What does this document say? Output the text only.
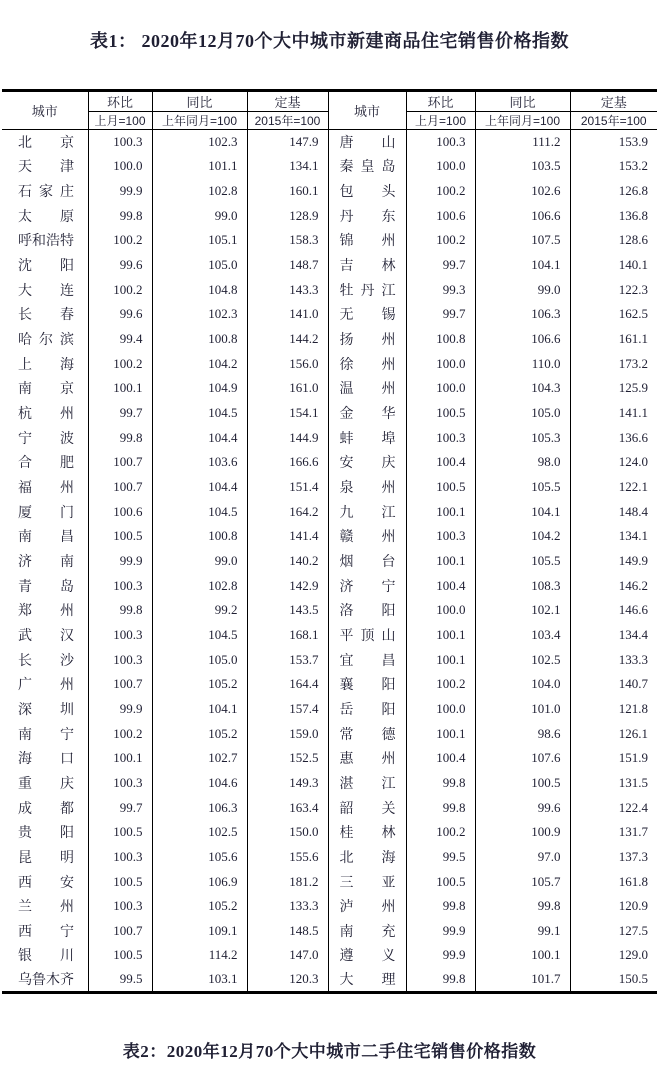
表1： 2020年12月70个大中城市新建商品住宅销售价格指数
城市	环比	同比	定基	城市	环比	同比	定基
	上月=100	上年同月=100	2015年=100		上月=100	上年同月=100	2015年=100
北京	100.3	102.3	147.9	唐山	100.3	111.2	153.9
天津	100.0	101.1	134.1	秦皇岛	100.0	103.5	153.2
石家庄	99.9	102.8	160.1	包头	100.2	102.6	126.8
太原	99.8	99.0	128.9	丹东	100.6	106.6	136.8
呼和浩特	100.2	105.1	158.3	锦州	100.2	107.5	128.6
沈阳	99.6	105.0	148.7	吉林	99.7	104.1	140.1
大连	100.2	104.8	143.3	牡丹江	99.3	99.0	122.3
长春	99.6	102.3	141.0	无锡	99.7	106.3	162.5
哈尔滨	99.4	100.8	144.2	扬州	100.8	106.6	161.1
上海	100.2	104.2	156.0	徐州	100.0	110.0	173.2
南京	100.1	104.9	161.0	温州	100.0	104.3	125.9
杭州	99.7	104.5	154.1	金华	100.5	105.0	141.1
宁波	99.8	104.4	144.9	蚌埠	100.3	105.3	136.6
合肥	100.7	103.6	166.6	安庆	100.4	98.0	124.0
福州	100.7	104.4	151.4	泉州	100.5	105.5	122.1
厦门	100.6	104.5	164.2	九江	100.1	104.1	148.4
南昌	100.5	100.8	141.4	赣州	100.3	104.2	134.1
济南	99.9	99.0	140.2	烟台	100.1	105.5	149.9
青岛	100.3	102.8	142.9	济宁	100.4	108.3	146.2
郑州	99.8	99.2	143.5	洛阳	100.0	102.1	146.6
武汉	100.3	104.5	168.1	平顶山	100.1	103.4	134.4
长沙	100.3	105.0	153.7	宜昌	100.1	102.5	133.3
广州	100.7	105.2	164.4	襄阳	100.2	104.0	140.7
深圳	99.9	104.1	157.4	岳阳	100.0	101.0	121.8
南宁	100.2	105.2	159.0	常德	100.1	98.6	126.1
海口	100.1	102.7	152.5	惠州	100.4	107.6	151.9
重庆	100.3	104.6	149.3	湛江	99.8	100.5	131.5
成都	99.7	106.3	163.4	韶关	99.8	99.6	122.4
贵阳	100.5	102.5	150.0	桂林	100.2	100.9	131.7
昆明	100.3	105.6	155.6	北海	99.5	97.0	137.3
西安	100.5	106.9	181.2	三亚	100.5	105.7	161.8
兰州	100.3	105.2	133.3	泸州	99.8	99.8	120.9
西宁	100.7	109.1	148.5	南充	99.9	99.1	127.5
银川	100.5	114.2	147.0	遵义	99.9	100.1	129.0
乌鲁木齐	99.5	103.1	120.3	大理	99.8	101.7	150.5

表2：2020年12月70个大中城市二手住宅销售价格指数
